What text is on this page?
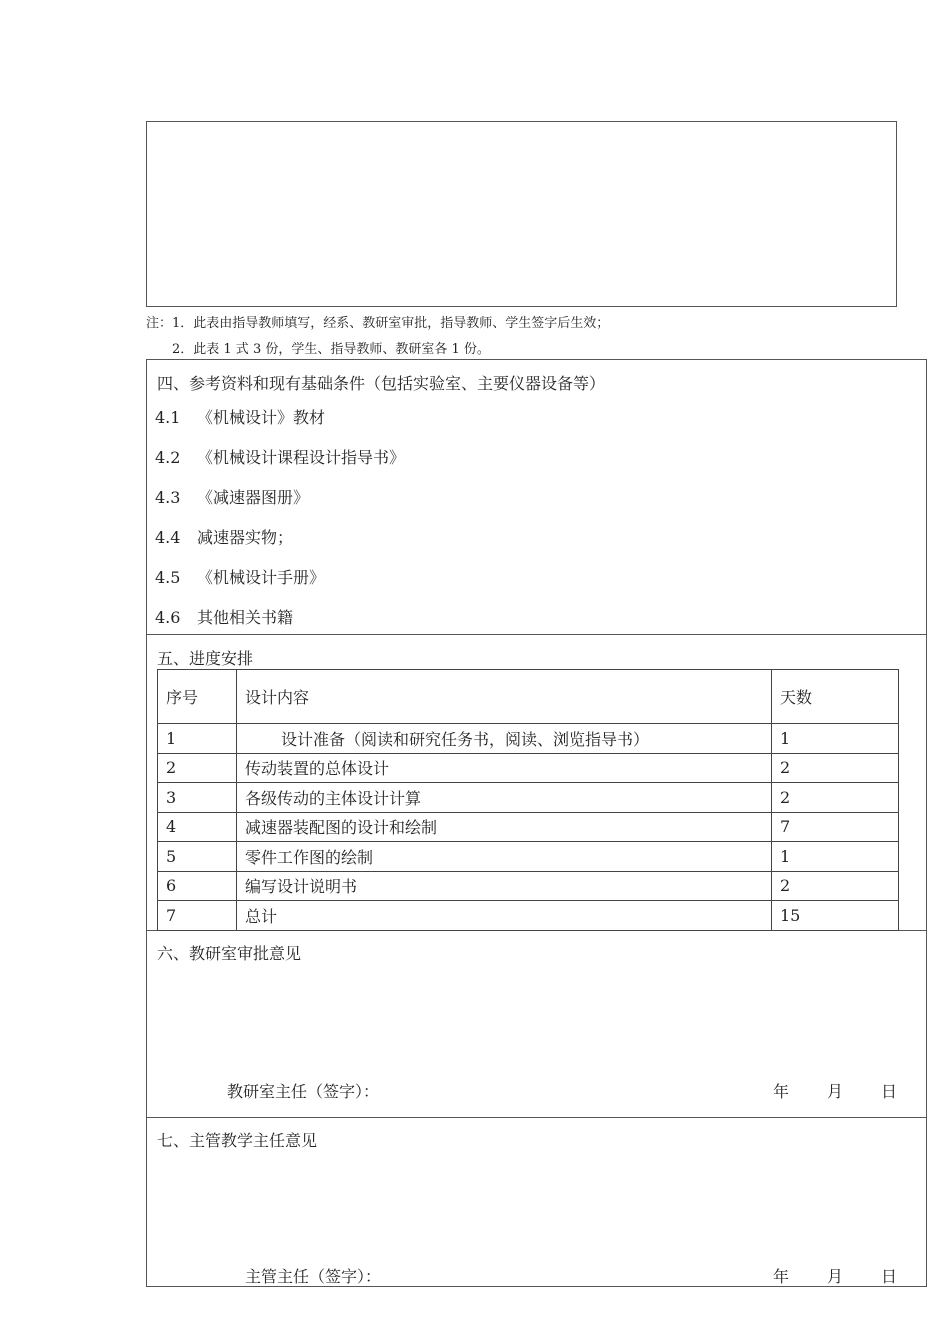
注：1．此表由指导教师填写，经系、教研室审批，指导教师、学生签字后生效；
2．此表 1 式 3 份，学生、指导教师、教研室各 1 份。
四、参考资料和现有基础条件（包括实验室、主要仪器设备等）
4.1 《机械设计》教材
4.2 《机械设计课程设计指导书》
4.3 《减速器图册》
4.4 减速器实物；
4.5 《机械设计手册》
4.6 其他相关书籍
五、进度安排
序号	设计内容	天数
1	设计准备（阅读和研究任务书，阅读、浏览指导书）	1
2	传动装置的总体设计	2
3	各级传动的主体设计计算	2
4	减速器装配图的设计和绘制	7
5	零件工作图的绘制	1
6	编写设计说明书	2
7	总计	15
六、教研室审批意见
教研室主任（签字）：	年 月 日
七、主管教学主任意见
主管主任（签字）：	年 月 日
